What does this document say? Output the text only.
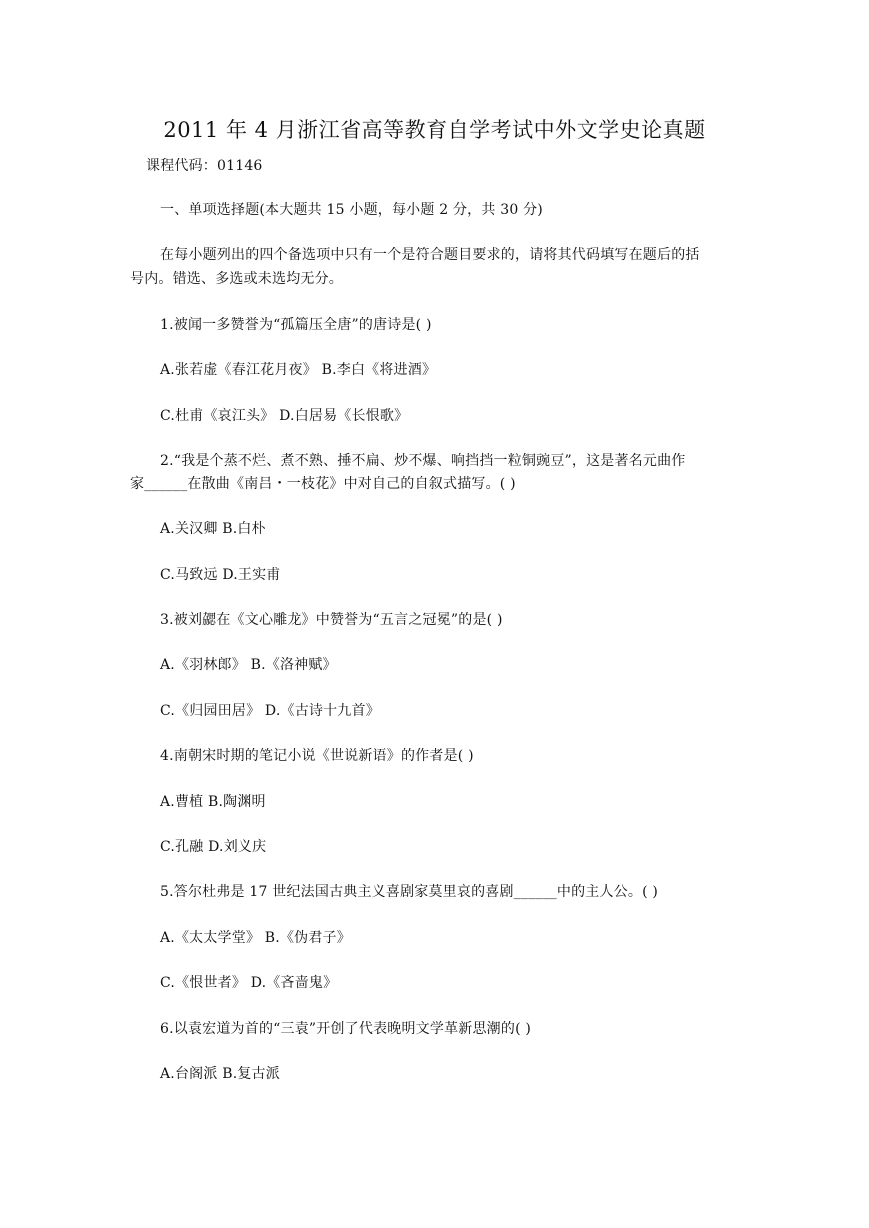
2011 年 4 月浙江省高等教育自学考试中外文学史论真题
课程代码：01146
一、单项选择题(本大题共 15 小题，每小题 2 分，共 30 分)
在每小题列出的四个备选项中只有一个是符合题目要求的，请将其代码填写在题后的括
号内。错选、多选或未选均无分。
1.被闻一多赞誉为“孤篇压全唐”的唐诗是( )
A.张若虚《春江花月夜》 B.李白《将进酒》
C.杜甫《哀江头》 D.白居易《长恨歌》
2.“我是个蒸不烂、煮不熟、捶不扁、炒不爆、响挡挡一粒铜豌豆”，这是著名元曲作
家______在散曲《南吕・一枝花》中对自己的自叙式描写。( )
A.关汉卿 B.白朴
C.马致远 D.王实甫
3.被刘勰在《文心雕龙》中赞誉为“五言之冠冕”的是( )
A.《羽林郎》 B.《洛神赋》
C.《归园田居》 D.《古诗十九首》
4.南朝宋时期的笔记小说《世说新语》的作者是( )
A.曹植 B.陶渊明
C.孔融 D.刘义庆
5.答尔杜弗是 17 世纪法国古典主义喜剧家莫里哀的喜剧______中的主人公。( )
A.《太太学堂》 B.《伪君子》
C.《恨世者》 D.《吝啬鬼》
6.以袁宏道为首的“三袁”开创了代表晚明文学革新思潮的( )
A.台阁派 B.复古派
